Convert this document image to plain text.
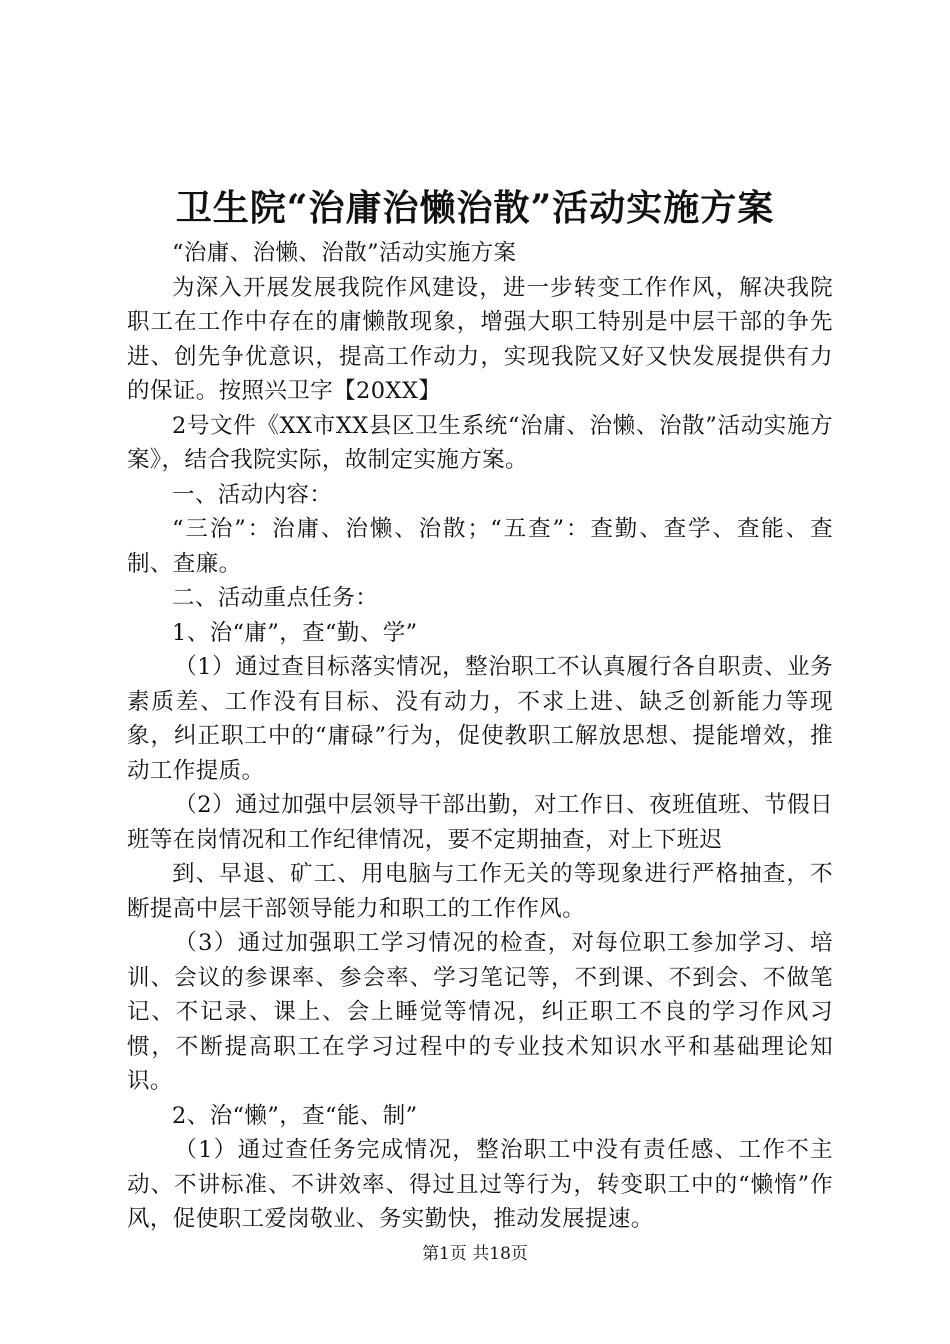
卫生院“治庸治懒治散”活动实施方案

“治庸、治懒、治散”活动实施方案

为深入开展发展我院作风建设，进一步转变工作作风，解决我院职工在工作中存在的庸懒散现象，增强大职工特别是中层干部的争先进、创先争优意识，提高工作动力，实现我院又好又快发展提供有力的保证。按照兴卫字【20XX】

2号文件《XX市XX县区卫生系统“治庸、治懒、治散”活动实施方案》，结合我院实际，故制定实施方案。

一、活动内容：

“三治”：治庸、治懒、治散；“五查”：查勤、查学、查能、查制、查廉。

二、活动重点任务：

1、治“庸”，查“勤、学”

（1）通过查目标落实情况，整治职工不认真履行各自职责、业务素质差、工作没有目标、没有动力，不求上进、缺乏创新能力等现象，纠正职工中的“庸碌”行为，促使教职工解放思想、提能增效，推动工作提质。

（2）通过加强中层领导干部出勤，对工作日、夜班值班、节假日班等在岗情况和工作纪律情况，要不定期抽查，对上下班迟

到、早退、矿工、用电脑与工作无关的等现象进行严格抽查，不断提高中层干部领导能力和职工的工作作风。

（3）通过加强职工学习情况的检查，对每位职工参加学习、培训、会议的参课率、参会率、学习笔记等，不到课、不到会、不做笔记、不记录、课上、会上睡觉等情况，纠正职工不良的学习作风习惯，不断提高职工在学习过程中的专业技术知识水平和基础理论知识。

2、治“懒”，查“能、制”

（1）通过查任务完成情况，整治职工中没有责任感、工作不主动、不讲标准、不讲效率、得过且过等行为，转变职工中的“懒惰”作风，促使职工爱岗敬业、务实勤快，推动发展提速。

第1页 共18页
